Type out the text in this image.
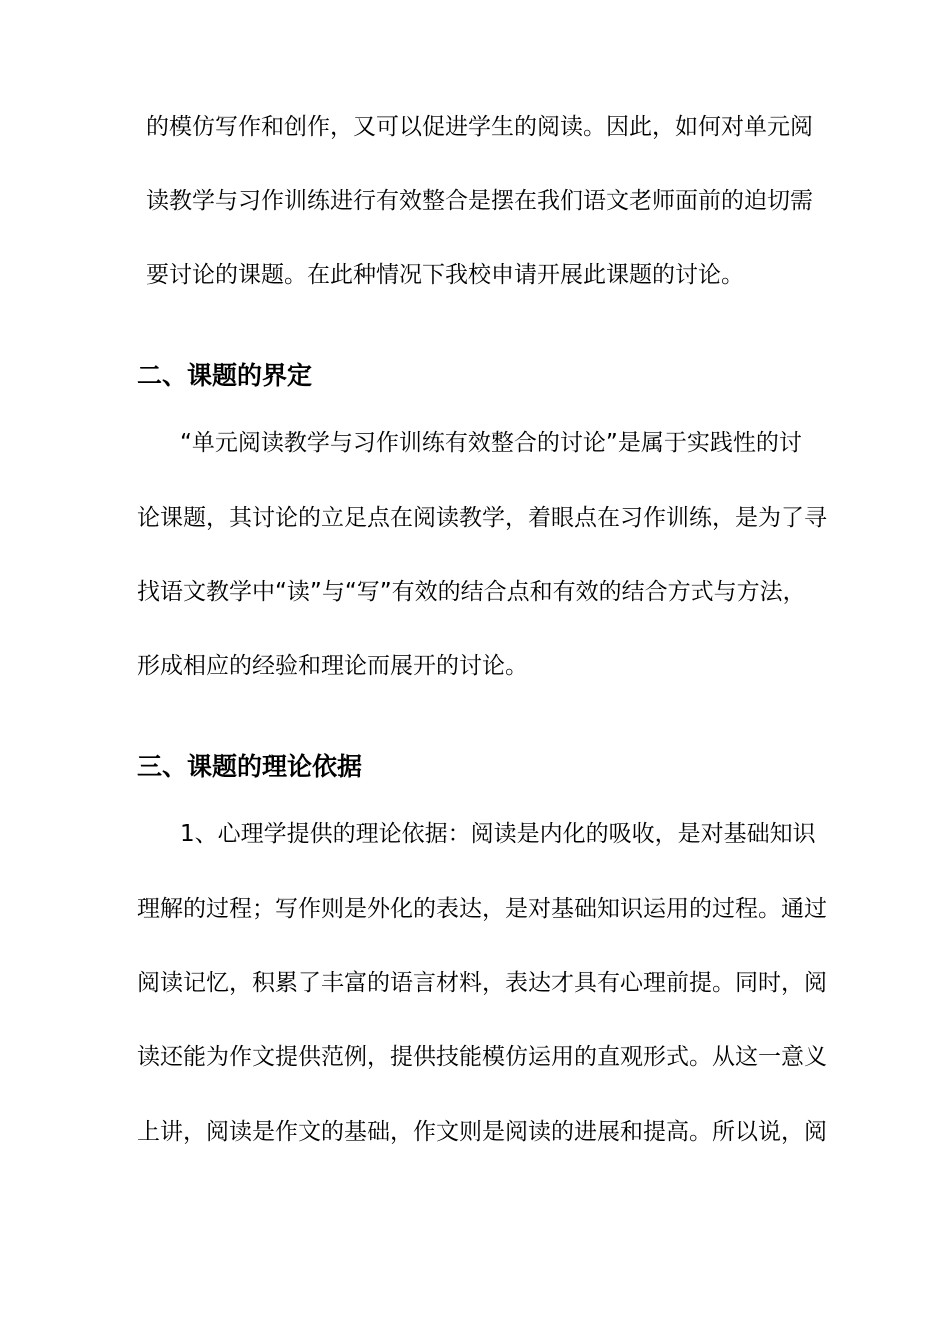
的模仿写作和创作，又可以促进学生的阅读。因此，如何对单元阅
读教学与习作训练进行有效整合是摆在我们语文老师面前的迫切需
要讨论的课题。在此种情况下我校申请开展此课题的讨论。
二、课题的界定
“单元阅读教学与习作训练有效整合的讨论”是属于实践性的讨
论课题，其讨论的立足点在阅读教学，着眼点在习作训练，是为了寻
找语文教学中“读”与“写”有效的结合点和有效的结合方式与方法，
形成相应的经验和理论而展开的讨论。
三、课题的理论依据
1、心理学提供的理论依据：阅读是内化的吸收，是对基础知识
理解的过程；写作则是外化的表达，是对基础知识运用的过程。通过
阅读记忆，积累了丰富的语言材料，表达才具有心理前提。同时，阅
读还能为作文提供范例，提供技能模仿运用的直观形式。从这一意义
上讲，阅读是作文的基础，作文则是阅读的进展和提高。所以说，阅
